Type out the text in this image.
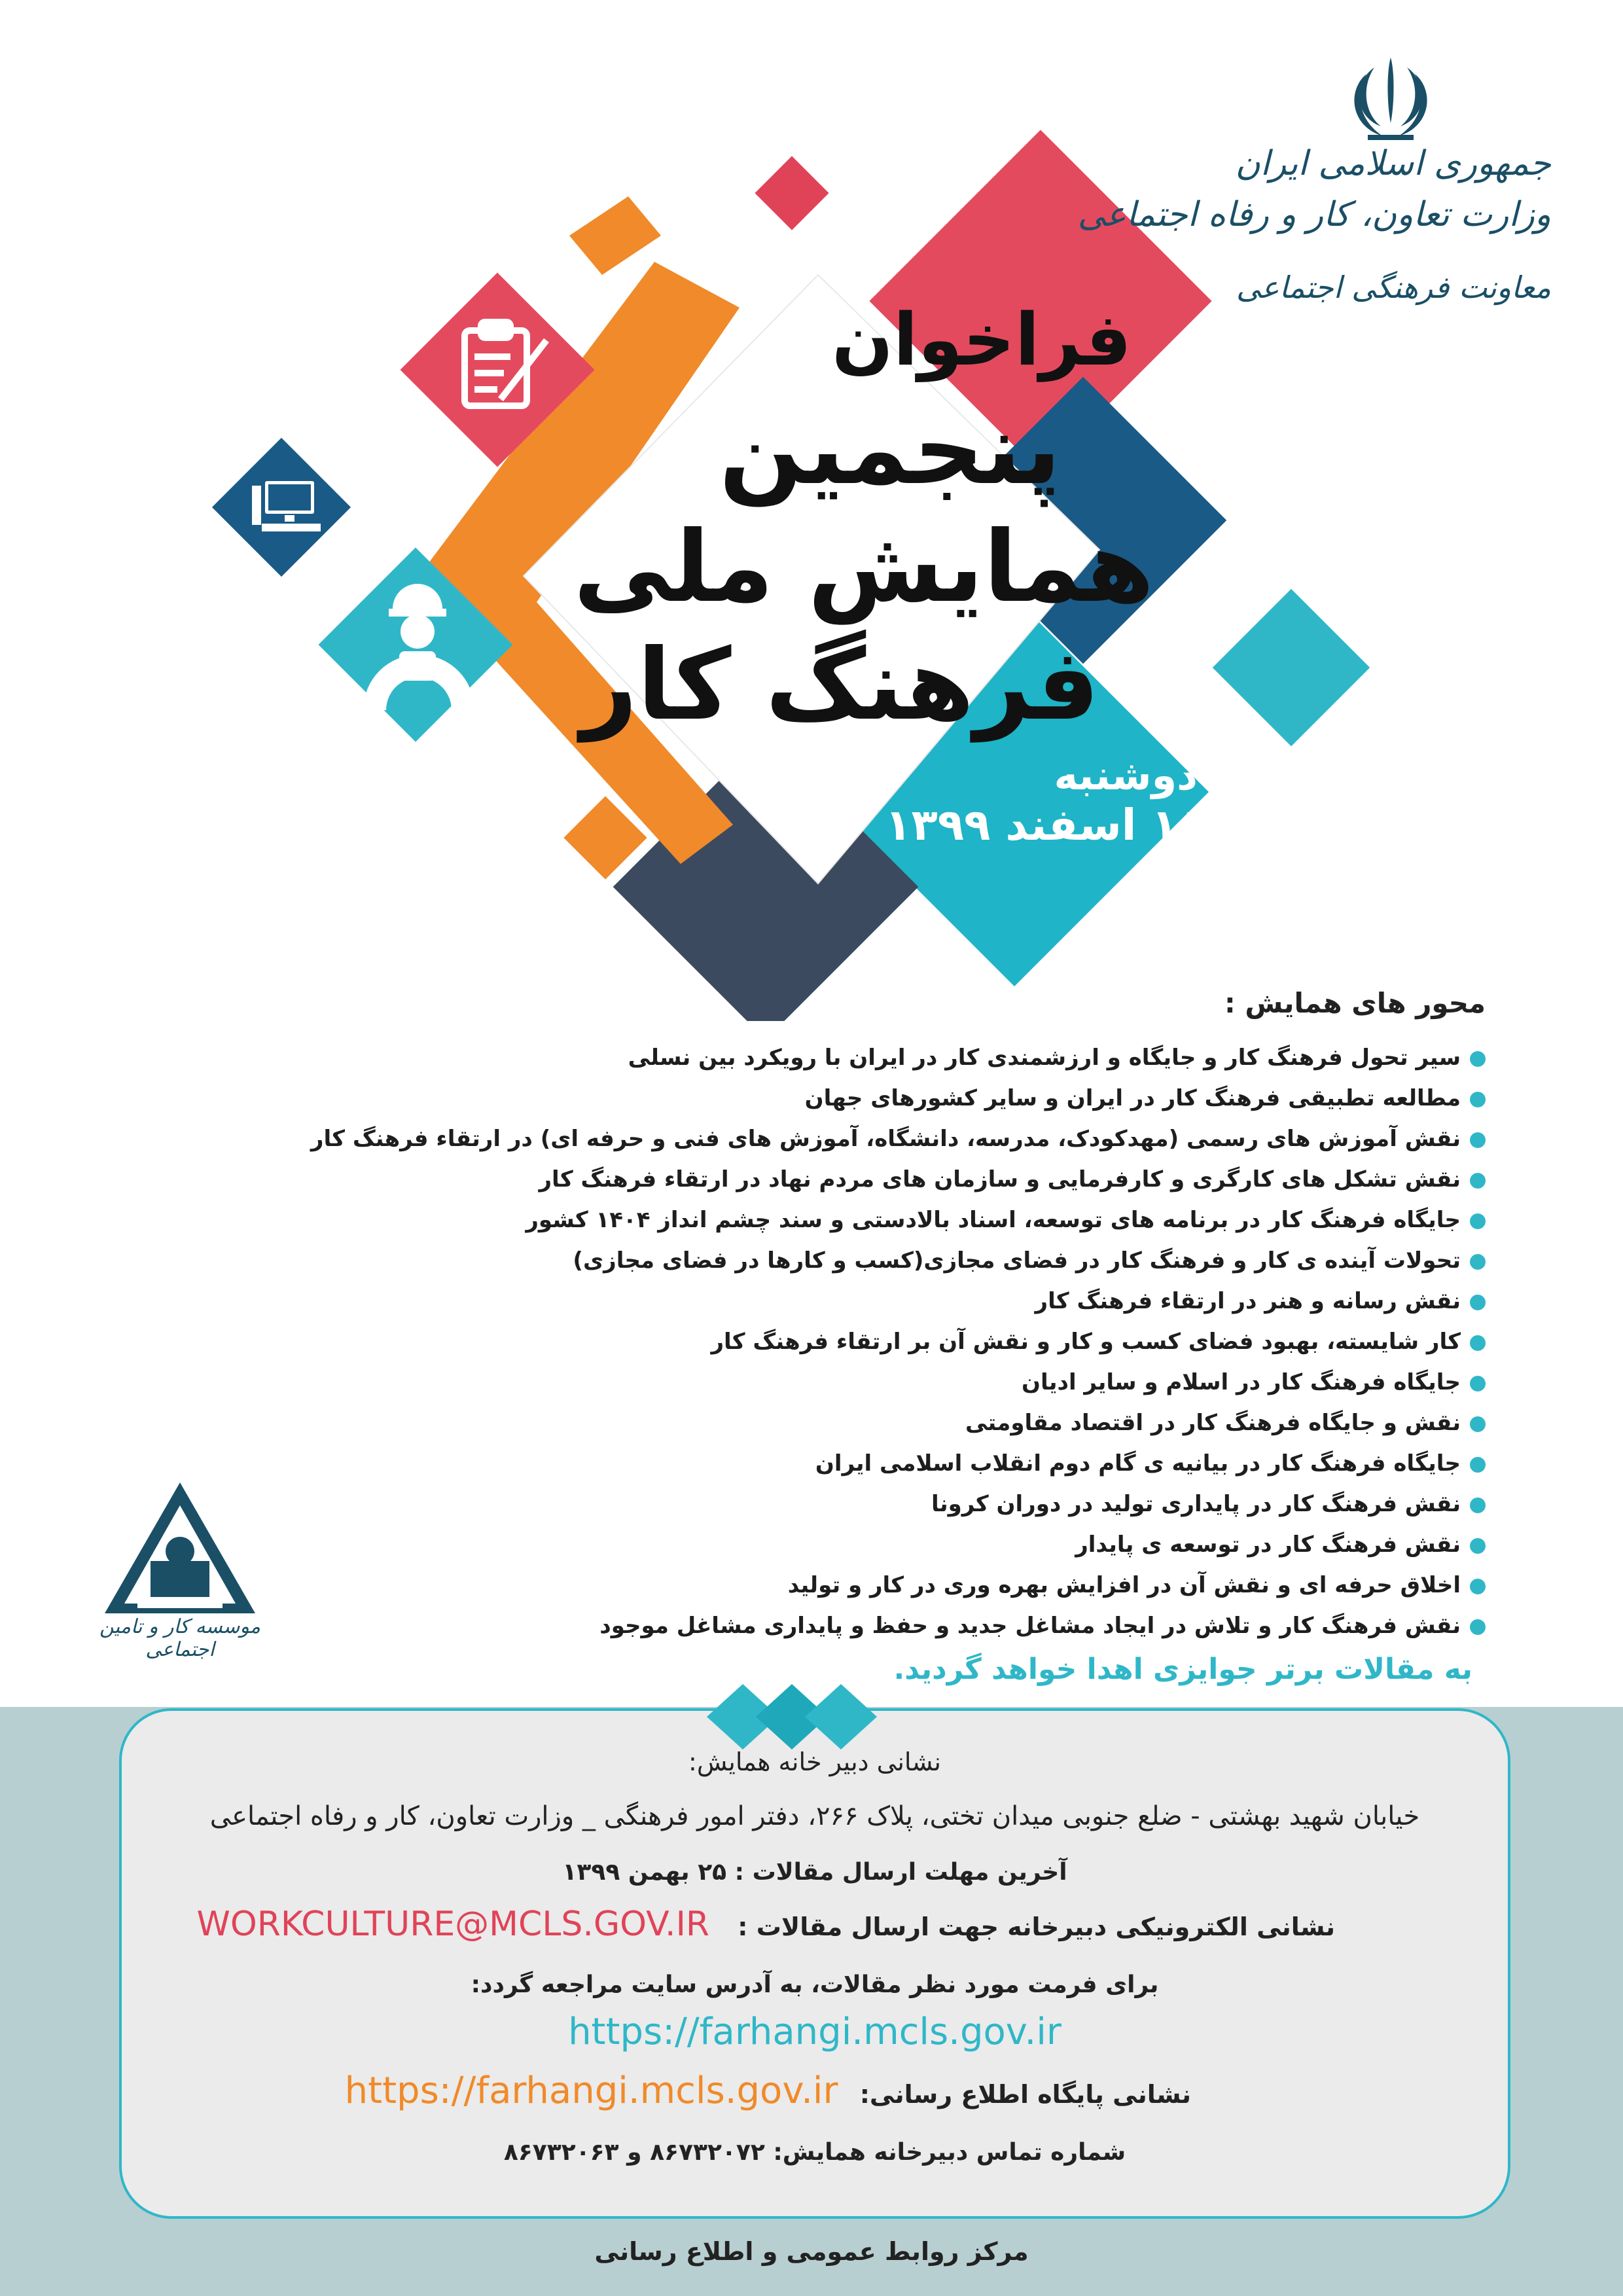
جمهوری اسلامی ایران
وزارت تعاون، کار و رفاه اجتماعی
معاونت فرهنگی اجتماعی
فراخوان
پنجمین
همایش ملی
فرهنگ کار
دوشنبه
۱۸ اسفند ۱۳۹۹
محور های همایش :
سیر تحول فرهنگ کار و جایگاه و ارزشمندی کار در ایران با رویکرد بین نسلی
مطالعه تطبیقی فرهنگ کار در ایران و سایر کشورهای جهان
نقش آموزش های رسمی (مهدکودک، مدرسه، دانشگاه، آموزش های فنی و حرفه ای) در ارتقاء فرهنگ کار
نقش تشکل های کارگری و کارفرمایی و سازمان های مردم نهاد در ارتقاء فرهنگ کار
جایگاه فرهنگ کار در برنامه های توسعه، اسناد بالادستی و سند چشم انداز ۱۴۰۴ کشور
تحولات آینده ی کار و فرهنگ کار در فضای مجازی(کسب و کارها در فضای مجازی)
نقش رسانه و هنر در ارتقاء فرهنگ کار
کار شایسته، بهبود فضای کسب و کار و نقش آن بر ارتقاء فرهنگ کار
جایگاه فرهنگ کار در اسلام و سایر ادیان
نقش و جایگاه فرهنگ کار در اقتصاد مقاومتی
جایگاه فرهنگ کار در بیانیه ی گام دوم انقلاب اسلامی ایران
نقش فرهنگ کار در پایداری تولید در دوران کرونا
نقش فرهنگ کار در توسعه ی پایدار
اخلاق حرفه ای و نقش آن در افزایش بهره وری در کار و تولید
نقش فرهنگ کار و تلاش در ایجاد مشاغل جدید و حفظ و پایداری مشاغل موجود
به مقالات برتر جوایزی اهدا خواهد گردید.
موسسه کار و تامین اجتماعی
نشانی دبیر خانه همایش:
خیابان شهید بهشتی - ضلع جنوبی میدان تختی، پلاک ۲۶۶، دفتر امور فرهنگی _ وزارت تعاون، کار و رفاه اجتماعی
آخرین مهلت ارسال مقالات : ۲۵ بهمن ۱۳۹۹
نشانی الکترونیکی دبیرخانه جهت ارسال مقالات : WORKCULTURE@MCLS.GOV.IR
برای فرمت مورد نظر مقالات، به آدرس سایت مراجعه گردد:
https://farhangi.mcls.gov.ir
نشانی پایگاه اطلاع رسانی: https://farhangi.mcls.gov.ir
شماره تماس دبیرخانه همایش: ۸۶۷۳۲۰۷۲ و ۸۶۷۳۲۰۶۳
مرکز روابط عمومی و اطلاع رسانی
